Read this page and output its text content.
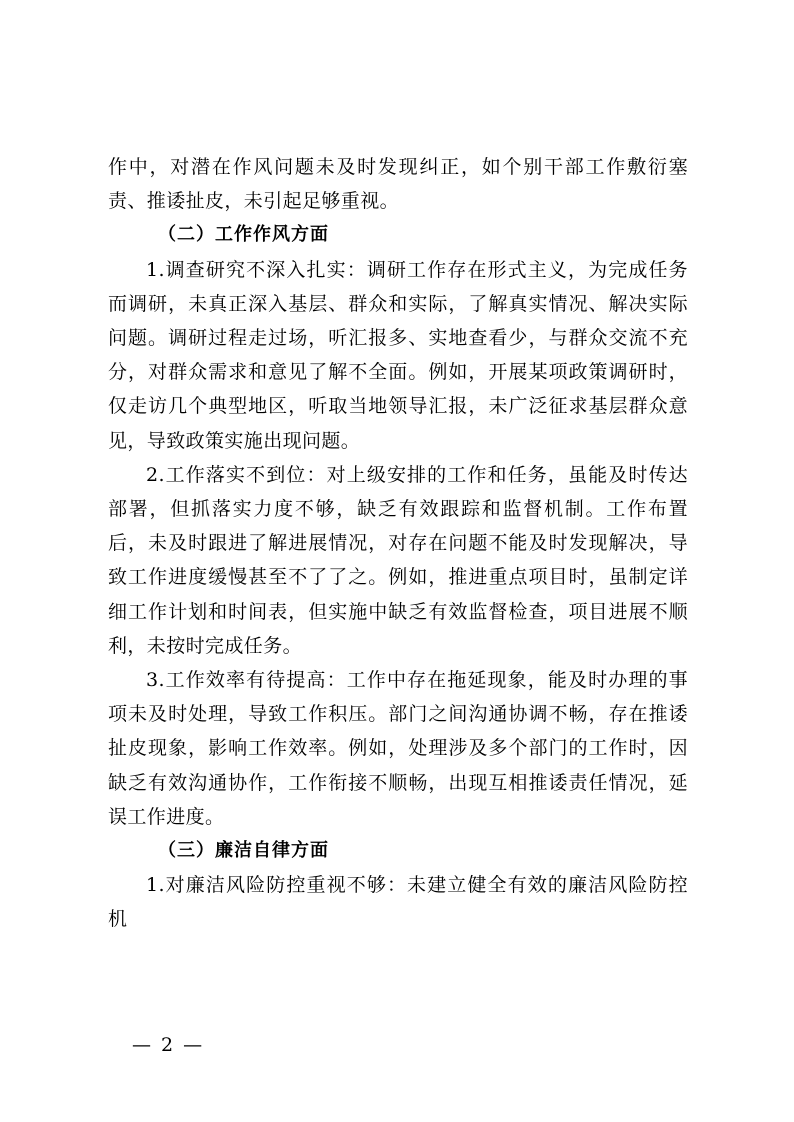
作中，对潜在作风问题未及时发现纠正，如个别干部工作敷衍塞责、推诿扯皮，未引起足够重视。

（二）工作作风方面

1.调查研究不深入扎实：调研工作存在形式主义，为完成任务而调研，未真正深入基层、群众和实际，了解真实情况、解决实际问题。调研过程走过场，听汇报多、实地查看少，与群众交流不充分，对群众需求和意见了解不全面。例如，开展某项政策调研时，仅走访几个典型地区，听取当地领导汇报，未广泛征求基层群众意见，导致政策实施出现问题。

2.工作落实不到位：对上级安排的工作和任务，虽能及时传达部署，但抓落实力度不够，缺乏有效跟踪和监督机制。工作布置后，未及时跟进了解进展情况，对存在问题不能及时发现解决，导致工作进度缓慢甚至不了了之。例如，推进重点项目时，虽制定详细工作计划和时间表，但实施中缺乏有效监督检查，项目进展不顺利，未按时完成任务。

3.工作效率有待提高：工作中存在拖延现象，能及时办理的事项未及时处理，导致工作积压。部门之间沟通协调不畅，存在推诿扯皮现象，影响工作效率。例如，处理涉及多个部门的工作时，因缺乏有效沟通协作，工作衔接不顺畅，出现互相推诿责任情况，延误工作进度。

（三）廉洁自律方面

1.对廉洁风险防控重视不够：未建立健全有效的廉洁风险防控机

— 2 —
